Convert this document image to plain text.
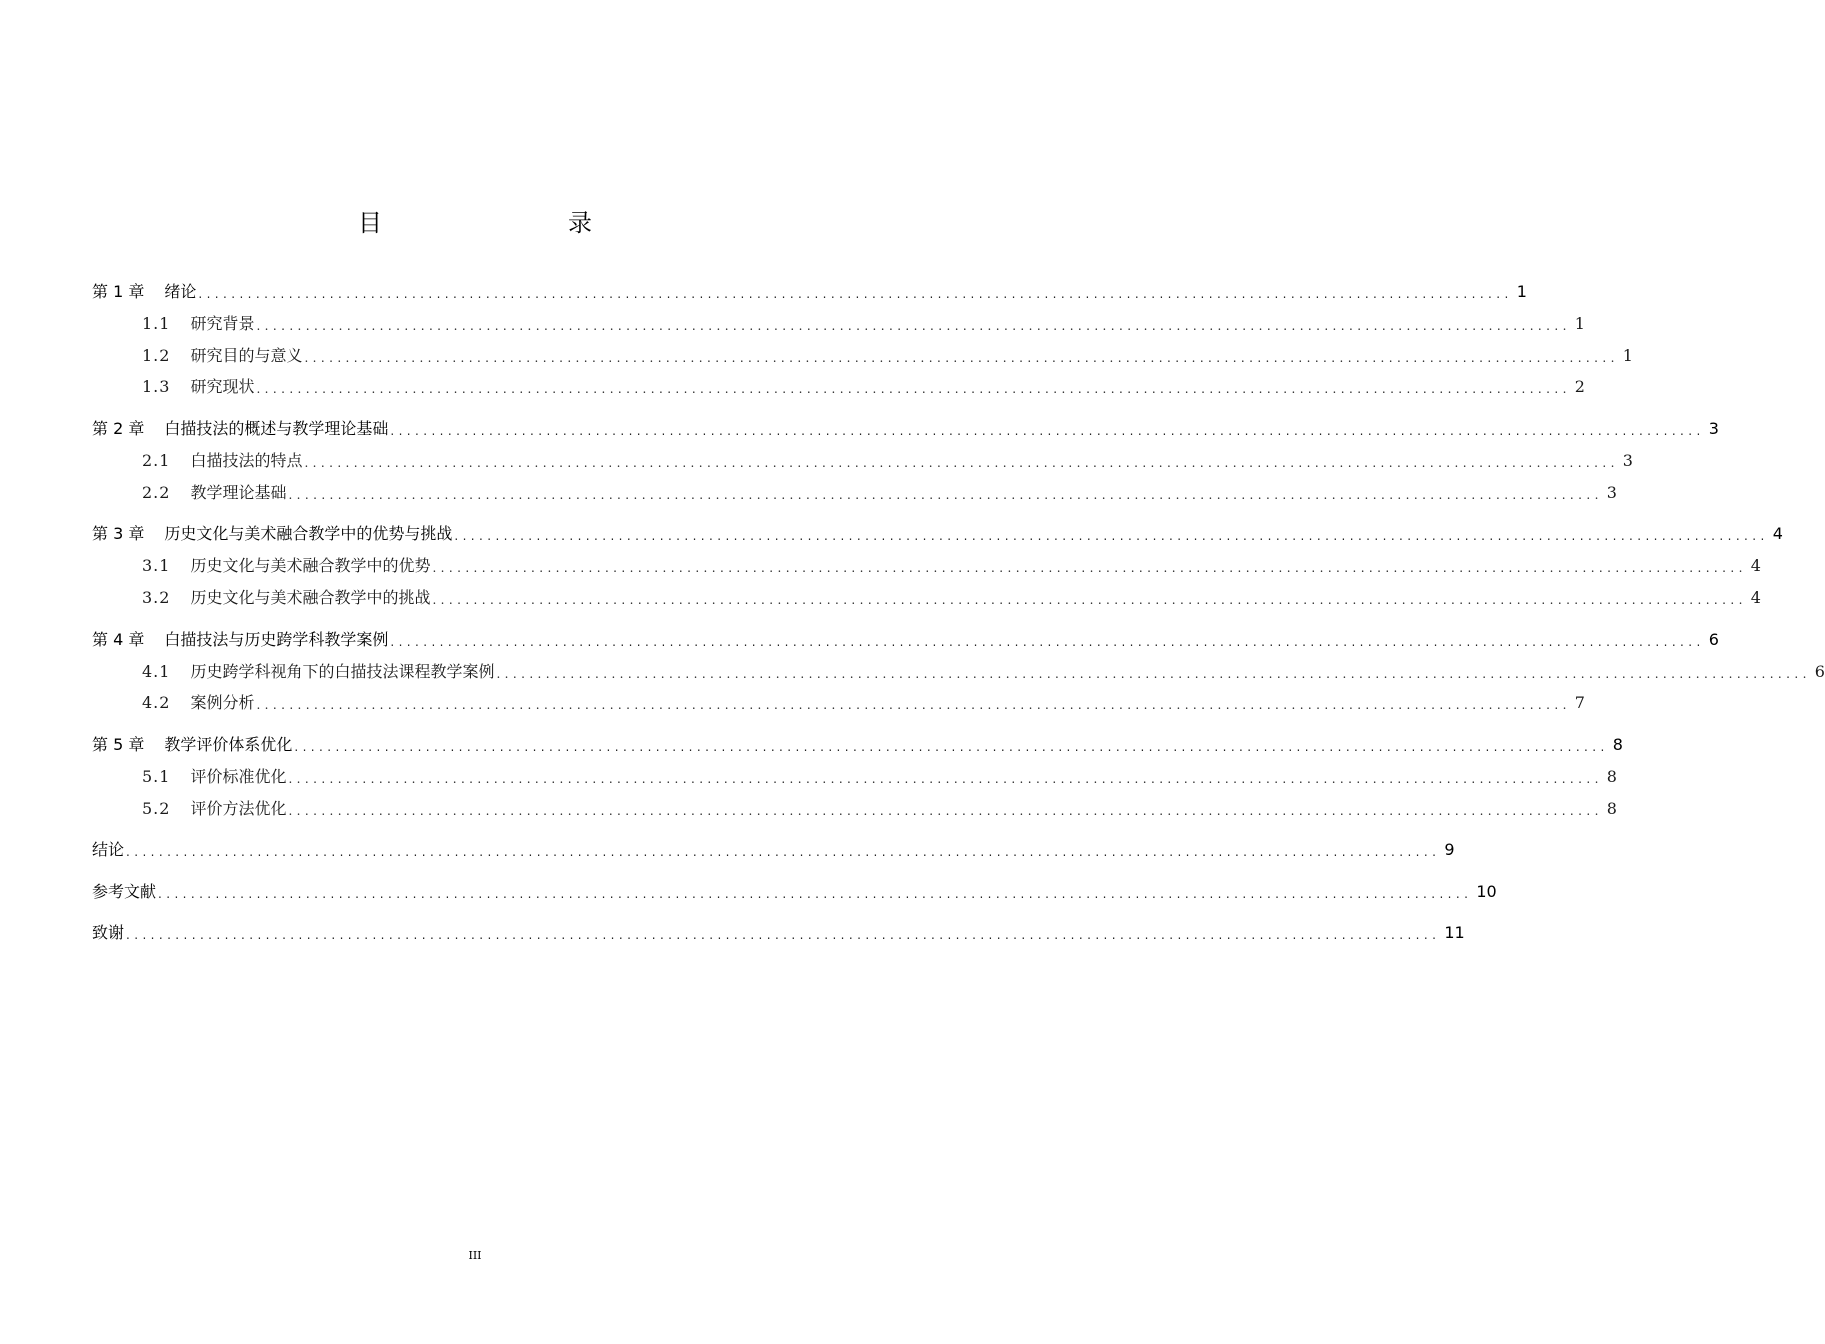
目　　录
第 1 章 绪论 ................................................................................................................................................................ 1
1.1 研究背景 ................................................................................................................................................................ 1
1.2 研究目的与意义 ................................................................................................................................................................ 1
1.3 研究现状 ................................................................................................................................................................ 2
第 2 章 白描技法的概述与教学理论基础 ................................................................................................................................................................ 3
2.1 白描技法的特点 ................................................................................................................................................................ 3
2.2 教学理论基础 ................................................................................................................................................................ 3
第 3 章 历史文化与美术融合教学中的优势与挑战 ................................................................................................................................................................ 4
3.1 历史文化与美术融合教学中的优势 ................................................................................................................................................................ 4
3.2 历史文化与美术融合教学中的挑战 ................................................................................................................................................................ 4
第 4 章 白描技法与历史跨学科教学案例 ................................................................................................................................................................ 6
4.1 历史跨学科视角下的白描技法课程教学案例 ................................................................................................................................................................ 6
4.2 案例分析 ................................................................................................................................................................ 7
第 5 章 教学评价体系优化 ................................................................................................................................................................ 8
5.1 评价标准优化 ................................................................................................................................................................ 8
5.2 评价方法优化 ................................................................................................................................................................ 8
结论 ................................................................................................................................................................ 9
参考文献 ................................................................................................................................................................ 10
致谢 ................................................................................................................................................................ 11
III
